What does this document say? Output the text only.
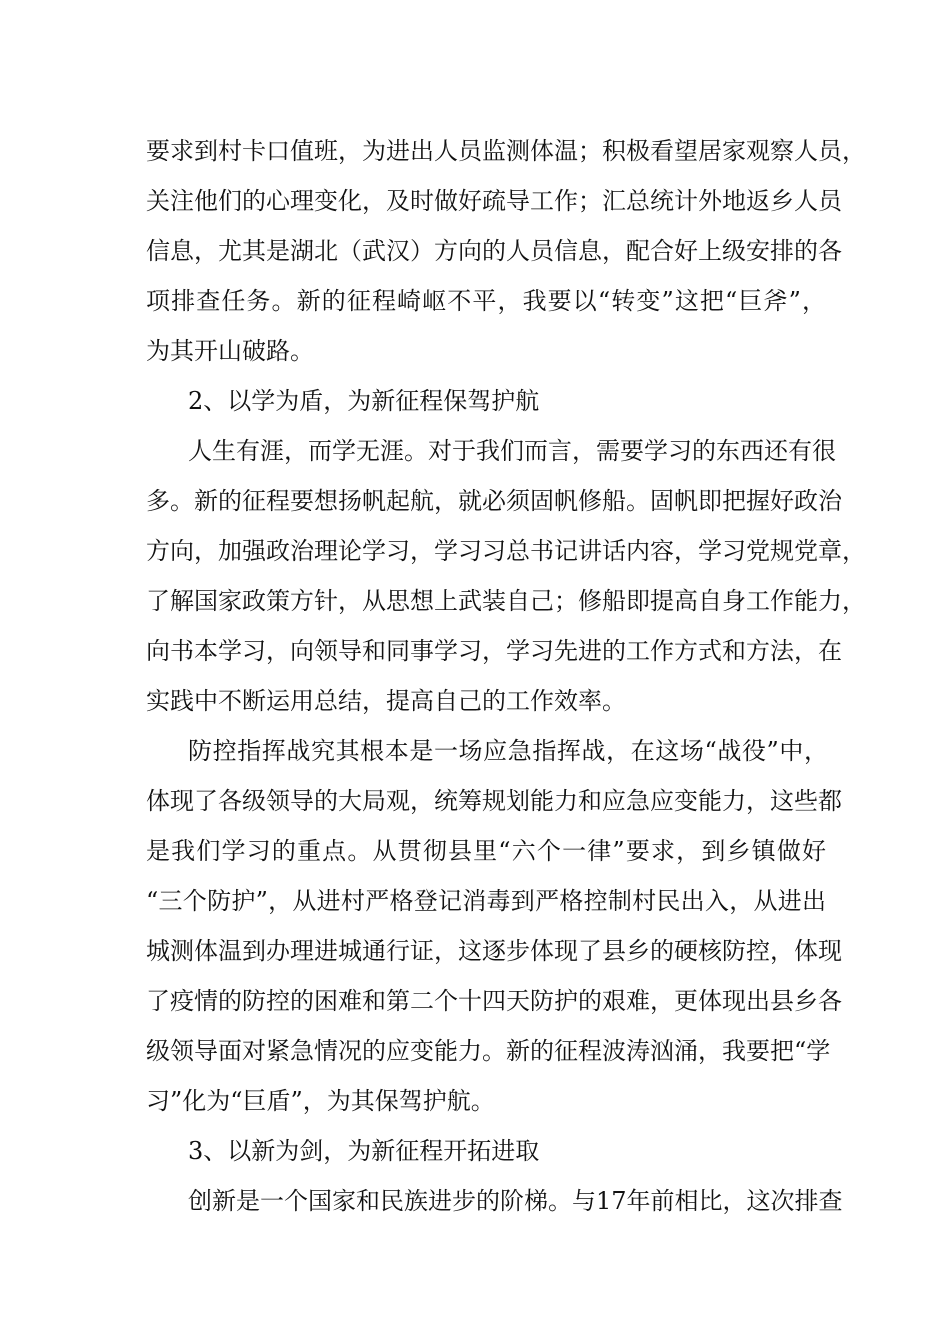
要求到村卡口值班，为进出人员监测体温；积极看望居家观察人员，
关注他们的心理变化，及时做好疏导工作；汇总统计外地返乡人员
信息，尤其是湖北（武汉）方向的人员信息，配合好上级安排的各
项排查任务。新的征程崎岖不平，我要以“转变”这把“巨斧”，
为其开山破路。
2、以学为盾，为新征程保驾护航
人生有涯，而学无涯。对于我们而言，需要学习的东西还有很
多。新的征程要想扬帆起航，就必须固帆修船。固帆即把握好政治
方向，加强政治理论学习，学习习总书记讲话内容，学习党规党章，
了解国家政策方针，从思想上武装自己；修船即提高自身工作能力，
向书本学习，向领导和同事学习，学习先进的工作方式和方法，在
实践中不断运用总结，提高自己的工作效率。
防控指挥战究其根本是一场应急指挥战，在这场“战役”中，
体现了各级领导的大局观，统筹规划能力和应急应变能力，这些都
是我们学习的重点。从贯彻县里“六个一律”要求，到乡镇做好
“三个防护”，从进村严格登记消毒到严格控制村民出入，从进出
城测体温到办理进城通行证，这逐步体现了县乡的硬核防控，体现
了疫情的防控的困难和第二个十四天防护的艰难，更体现出县乡各
级领导面对紧急情况的应变能力。新的征程波涛汹涌，我要把“学
习”化为“巨盾”，为其保驾护航。
3、以新为剑，为新征程开拓进取
创新是一个国家和民族进步的阶梯。与17年前相比，这次排查
